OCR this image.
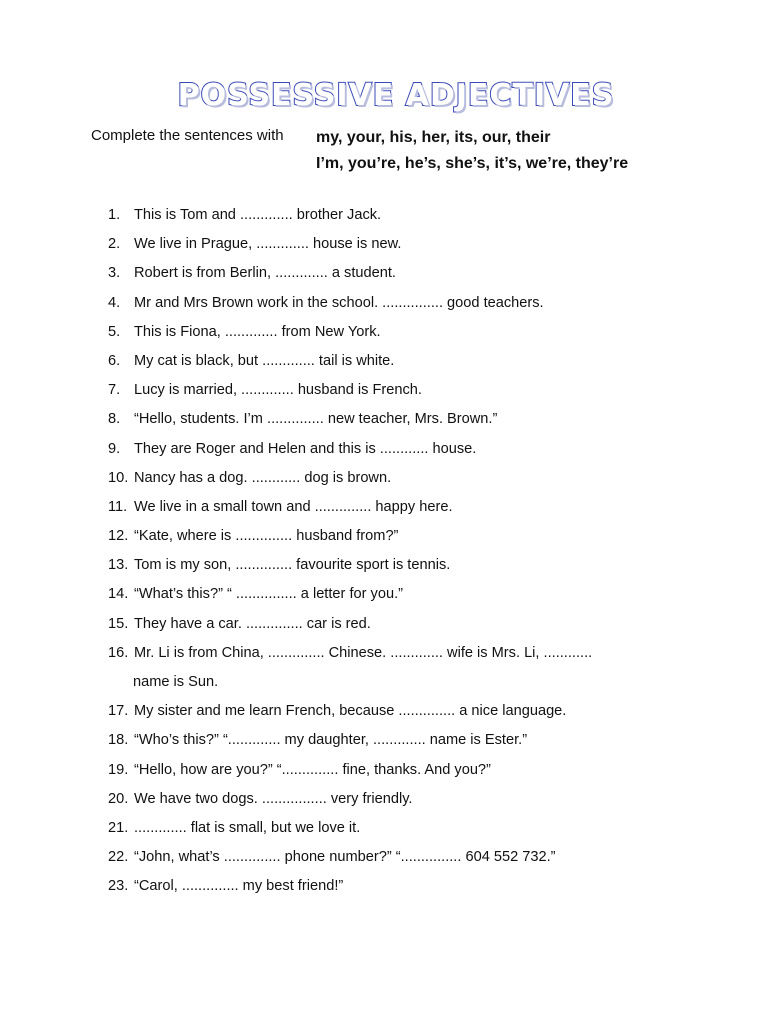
POSSESSIVE ADJECTIVES
Complete the sentences with my, your, his, her, its, our, their
I’m, you’re, he’s, she’s, it’s, we’re, they’re
1. This is Tom and ............. brother Jack.
2. We live in Prague, ............. house is new.
3. Robert is from Berlin, ............. a student.
4. Mr and Mrs Brown work in the school. ............... good teachers.
5. This is Fiona, ............. from New York.
6. My cat is black, but ............. tail is white.
7. Lucy is married, ............. husband is French.
8. “Hello, students. I’m .............. new teacher, Mrs. Brown.”
9. They are Roger and Helen and this is ............ house.
10. Nancy has a dog. ............ dog is brown.
11. We live in a small town and .............. happy here.
12. “Kate, where is .............. husband from?”
13. Tom is my son, .............. favourite sport is tennis.
14. “What’s this?” “ ............... a letter for you.”
15. They have a car. .............. car is red.
16. Mr. Li is from China, .............. Chinese. ............. wife is Mrs. Li, ............
name is Sun.
17. My sister and me learn French, because .............. a nice language.
18. “Who’s this?” “............. my daughter, ............. name is Ester.”
19. “Hello, how are you?” “.............. fine, thanks. And you?”
20. We have two dogs. ................ very friendly.
21. ............. flat is small, but we love it.
22. “John, what’s .............. phone number?” “............... 604 552 732.”
23. “Carol, .............. my best friend!”
